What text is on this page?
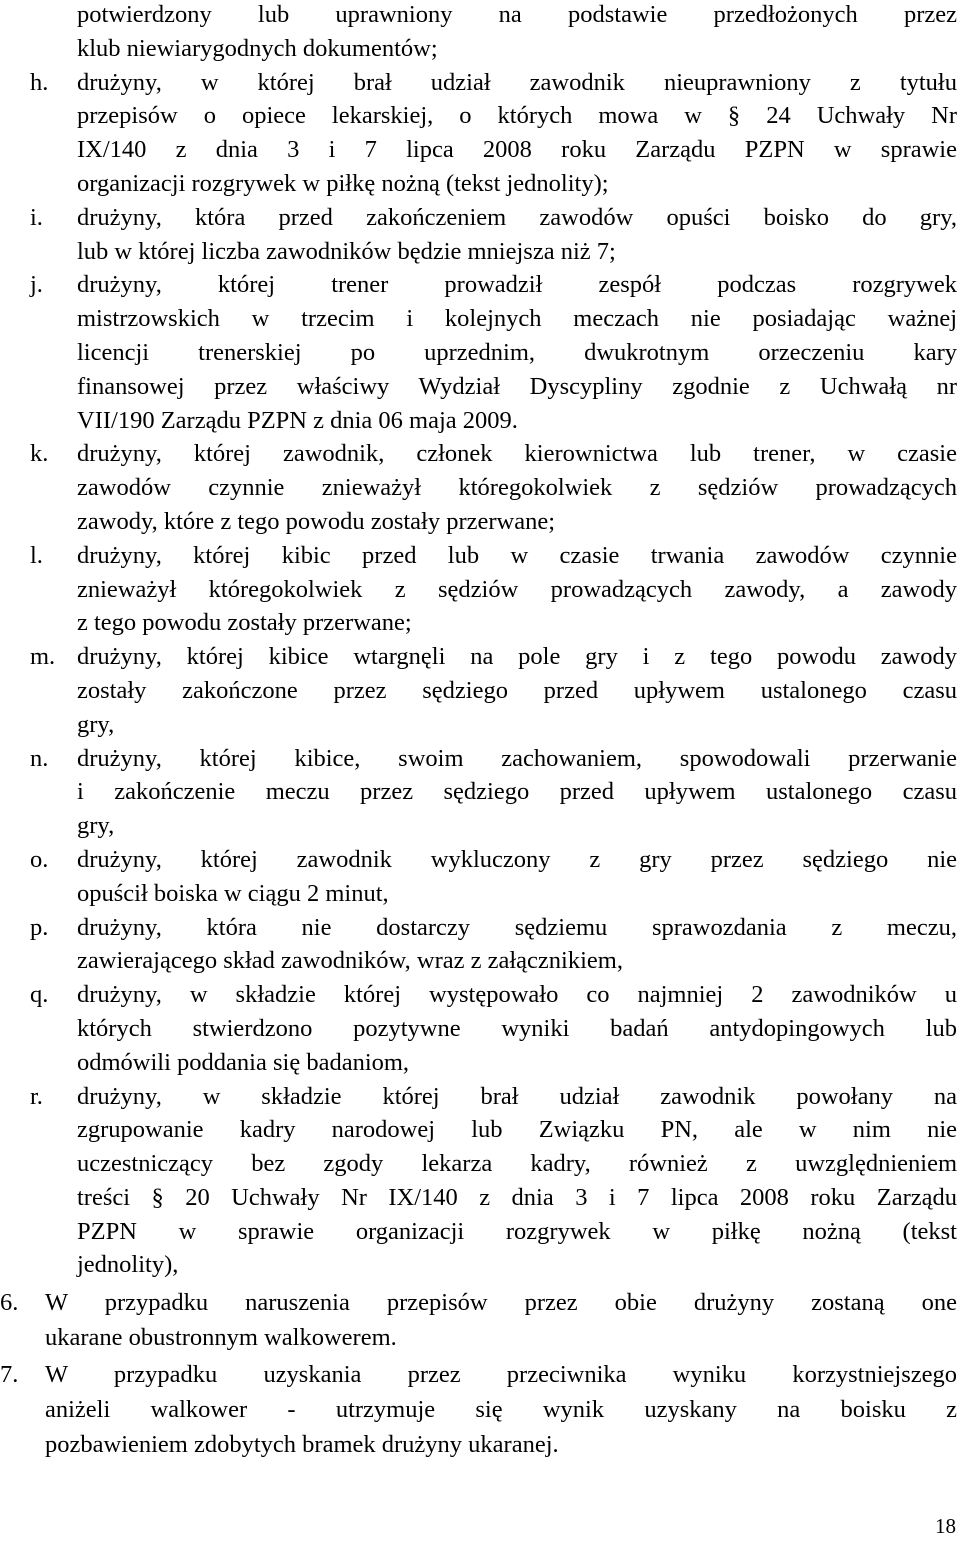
potwierdzony lub uprawniony na podstawie przedłożonych przez
klub niewiarygodnych dokumentów;
h.	drużyny, w której brał udział zawodnik nieuprawniony z tytułu
przepisów o opiece lekarskiej, o których mowa w § 24 Uchwały Nr
IX/140 z dnia 3 i 7 lipca 2008 roku Zarządu PZPN w sprawie
organizacji rozgrywek w piłkę nożną (tekst jednolity);
i.	drużyny, która przed zakończeniem zawodów opuści boisko do gry,
lub w której liczba zawodników będzie mniejsza niż 7;
j.	drużyny, której trener prowadził zespół podczas rozgrywek
mistrzowskich w trzecim i kolejnych meczach nie posiadając ważnej
licencji trenerskiej po uprzednim, dwukrotnym orzeczeniu kary
finansowej przez właściwy Wydział Dyscypliny zgodnie z Uchwałą nr
VII/190 Zarządu PZPN z dnia 06 maja 2009.
k.	drużyny, której zawodnik, członek kierownictwa lub trener, w czasie
zawodów czynnie znieważył któregokolwiek z sędziów prowadzących
zawody, które z tego powodu zostały przerwane;
l.	drużyny, której kibic przed lub w czasie trwania zawodów czynnie
znieważył któregokolwiek z sędziów prowadzących zawody, a zawody
z tego powodu zostały przerwane;
m. drużyny, której kibice wtargnęli na pole gry i z tego powodu zawody
zostały zakończone przez sędziego przed upływem ustalonego czasu
gry,
n.	drużyny, której kibice, swoim zachowaniem, spowodowali przerwanie
i zakończenie meczu przez sędziego przed upływem ustalonego czasu
gry,
o.	drużyny, której zawodnik wykluczony z gry przez sędziego nie
opuścił boiska w ciągu 2 minut,
p.	drużyny, która nie dostarczy sędziemu sprawozdania z meczu,
zawierającego skład zawodników, wraz z załącznikiem,
q.	drużyny, w składzie której występowało co najmniej 2 zawodników u
których stwierdzono pozytywne wyniki badań antydopingowych lub
odmówili poddania się badaniom,
r.	drużyny, w składzie której brał udział zawodnik powołany na
zgrupowanie kadry narodowej lub Związku PN, ale w nim nie
uczestniczący bez zgody lekarza kadry, również z uwzględnieniem
treści § 20 Uchwały Nr IX/140 z dnia 3 i 7 lipca 2008 roku Zarządu
PZPN w sprawie organizacji rozgrywek w piłkę nożną (tekst
jednolity),
6.	W przypadku naruszenia przepisów przez obie drużyny zostaną one
ukarane obustronnym walkowerem.
7.	W przypadku uzyskania przez przeciwnika wyniku korzystniejszego
aniżeli walkower - utrzymuje się wynik uzyskany na boisku z
pozbawieniem zdobytych bramek drużyny ukaranej.
18
